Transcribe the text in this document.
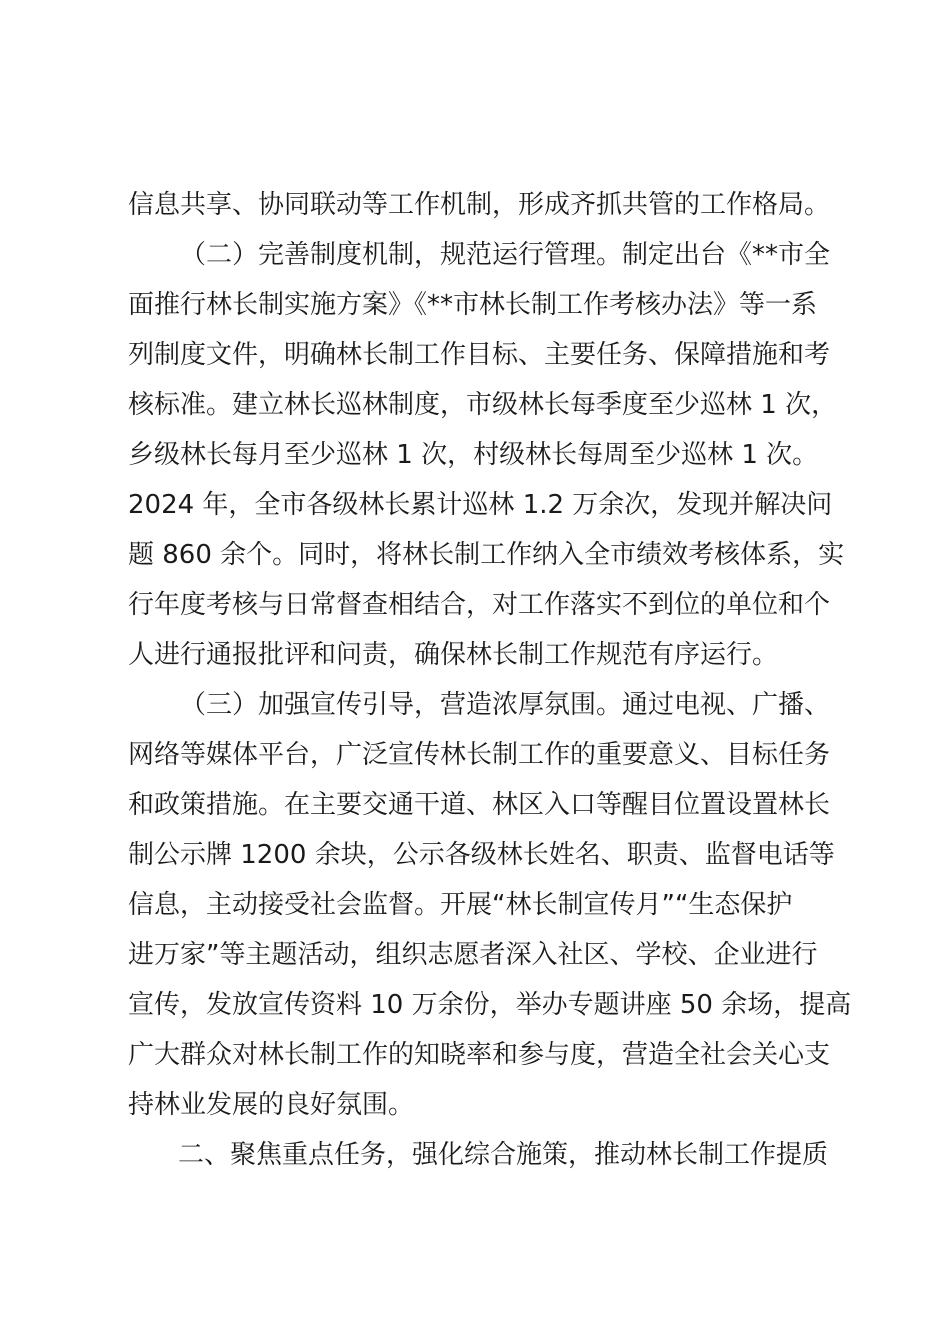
信息共享、协同联动等工作机制，形成齐抓共管的工作格局。
（二）完善制度机制，规范运行管理。制定出台《**市全
面推行林长制实施方案》《**市林长制工作考核办法》等一系
列制度文件，明确林长制工作目标、主要任务、保障措施和考
核标准。建立林长巡林制度，市级林长每季度至少巡林 1 次，
乡级林长每月至少巡林 1 次，村级林长每周至少巡林 1 次。
2024 年，全市各级林长累计巡林 1.2 万余次，发现并解决问
题 860 余个。同时，将林长制工作纳入全市绩效考核体系，实
行年度考核与日常督查相结合，对工作落实不到位的单位和个
人进行通报批评和问责，确保林长制工作规范有序运行。
（三）加强宣传引导，营造浓厚氛围。通过电视、广播、
网络等媒体平台，广泛宣传林长制工作的重要意义、目标任务
和政策措施。在主要交通干道、林区入口等醒目位置设置林长
制公示牌 1200 余块，公示各级林长姓名、职责、监督电话等
信息，主动接受社会监督。开展“林长制宣传月”“生态保护
进万家”等主题活动，组织志愿者深入社区、学校、企业进行
宣传，发放宣传资料 10 万余份，举办专题讲座 50 余场，提高
广大群众对林长制工作的知晓率和参与度，营造全社会关心支
持林业发展的良好氛围。
二、聚焦重点任务，强化综合施策，推动林长制工作提质
